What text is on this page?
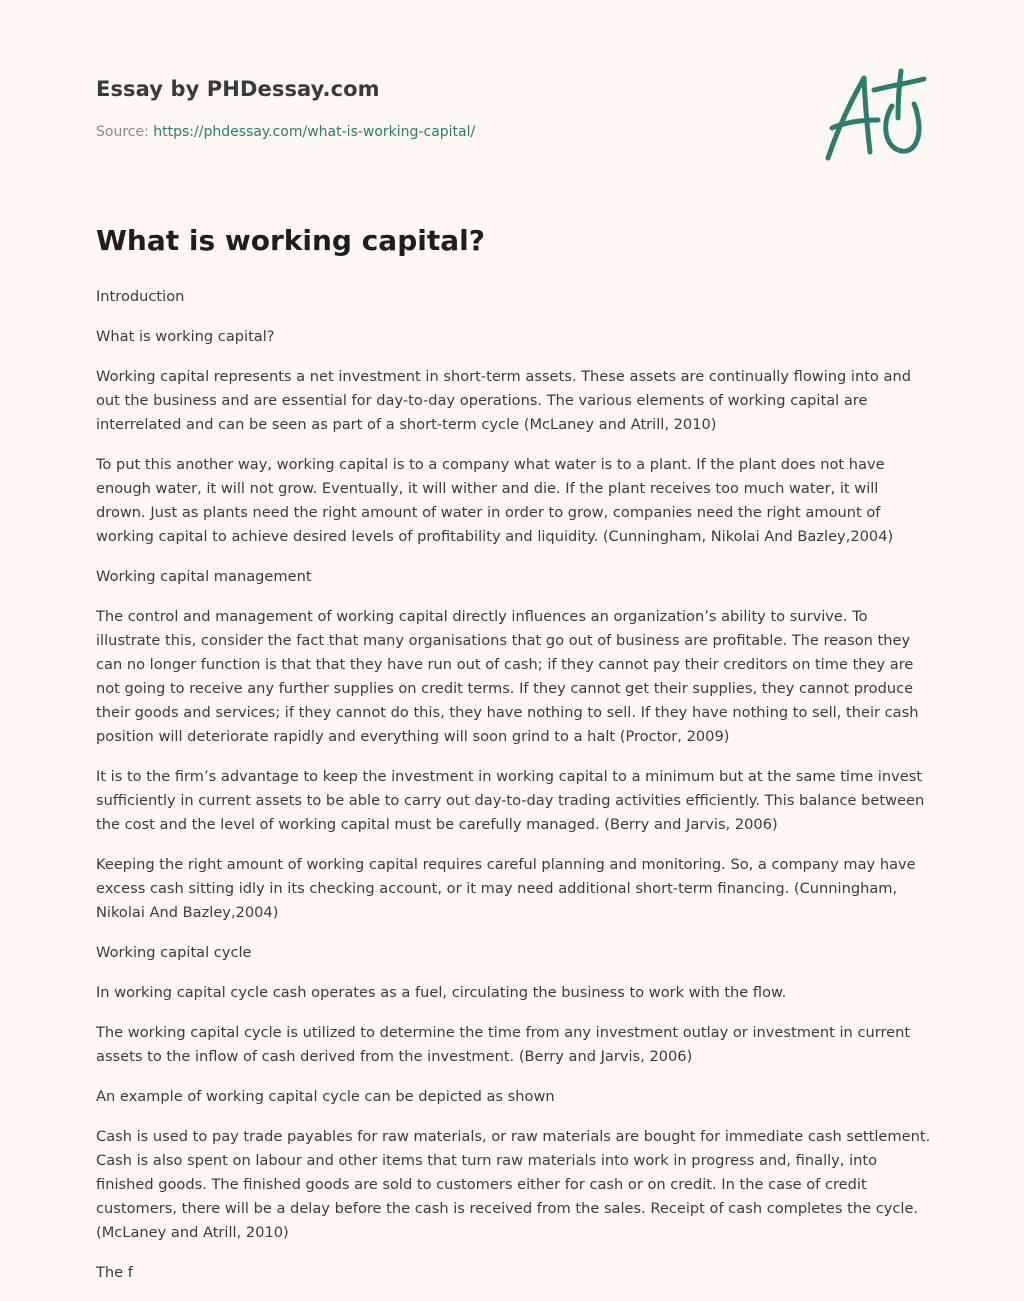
Essay by PHDessay.com
Source: https://phdessay.com/what-is-working-capital/
What is working capital?

Introduction

What is working capital?

Working capital represents a net investment in short-term assets. These assets are continually flowing into and out the business and are essential for day-to-day operations. The various elements of working capital are interrelated and can be seen as part of a short-term cycle (McLaney and Atrill, 2010)

To put this another way, working capital is to a company what water is to a plant. If the plant does not have enough water, it will not grow. Eventually, it will wither and die. If the plant receives too much water, it will drown. Just as plants need the right amount of water in order to grow, companies need the right amount of working capital to achieve desired levels of profitability and liquidity. (Cunningham, Nikolai And Bazley,2004)

Working capital management

The control and management of working capital directly influences an organization’s ability to survive. To illustrate this, consider the fact that many organisations that go out of business are profitable. The reason they can no longer function is that that they have run out of cash; if they cannot pay their creditors on time they are not going to receive any further supplies on credit terms. If they cannot get their supplies, they cannot produce their goods and services; if they cannot do this, they have nothing to sell. If they have nothing to sell, their cash position will deteriorate rapidly and everything will soon grind to a halt (Proctor, 2009)

It is to the firm’s advantage to keep the investment in working capital to a minimum but at the same time invest sufficiently in current assets to be able to carry out day-to-day trading activities efficiently. This balance between the cost and the level of working capital must be carefully managed. (Berry and Jarvis, 2006)

Keeping the right amount of working capital requires careful planning and monitoring. So, a company may have excess cash sitting idly in its checking account, or it may need additional short-term financing. (Cunningham, Nikolai And Bazley,2004)

Working capital cycle

In working capital cycle cash operates as a fuel, circulating the business to work with the flow.

The working capital cycle is utilized to determine the time from any investment outlay or investment in current assets to the inflow of cash derived from the investment. (Berry and Jarvis, 2006)

An example of working capital cycle can be depicted as shown

Cash is used to pay trade payables for raw materials, or raw materials are bought for immediate cash settlement. Cash is also spent on labour and other items that turn raw materials into work in progress and, finally, into finished goods. The finished goods are sold to customers either for cash or on credit. In the case of credit customers, there will be a delay before the cash is received from the sales. Receipt of cash completes the cycle.(McLaney and Atrill, 2010)

The f
